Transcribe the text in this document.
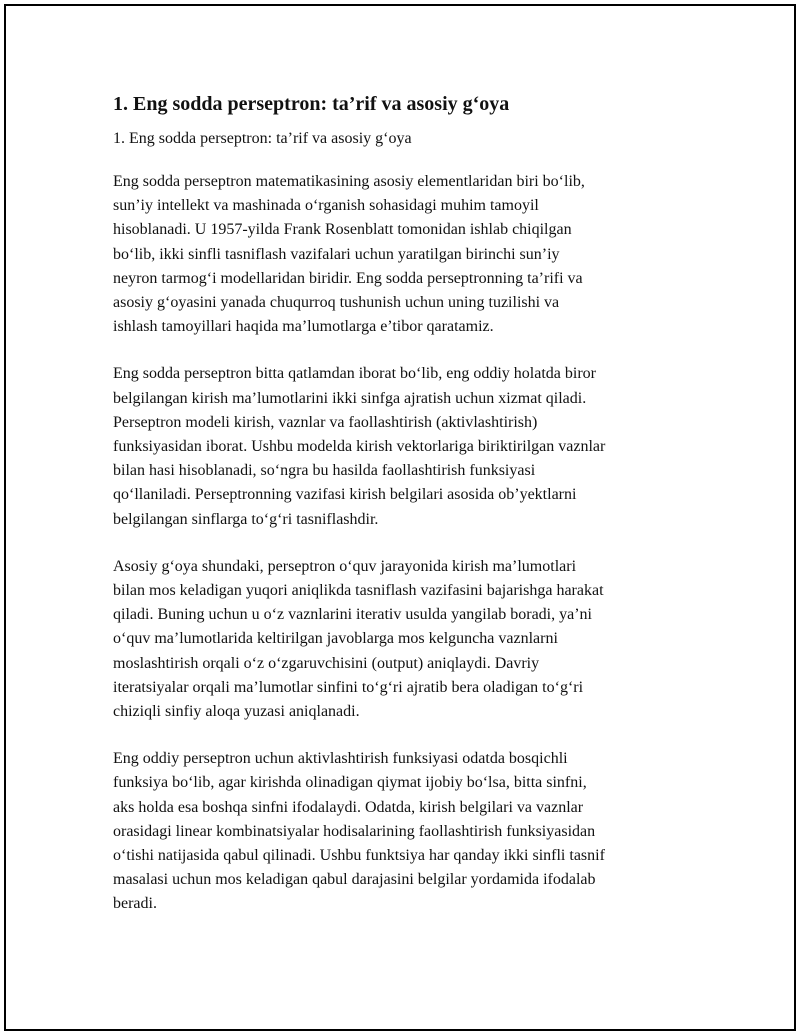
1. Eng sodda perseptron: ta’rif va asosiy g‘oya

1. Eng sodda perseptron: ta’rif va asosiy g‘oya

Eng sodda perseptron matematikasining asosiy elementlaridan biri bo‘lib,
sun’iy intellekt va mashinada o‘rganish sohasidagi muhim tamoyil
hisoblanadi. U 1957-yilda Frank Rosenblatt tomonidan ishlab chiqilgan
bo‘lib, ikki sinfli tasniflash vazifalari uchun yaratilgan birinchi sun’iy
neyron tarmog‘i modellaridan biridir. Eng sodda perseptronning ta’rifi va
asosiy g‘oyasini yanada chuqurroq tushunish uchun uning tuzilishi va
ishlash tamoyillari haqida ma’lumotlarga e’tibor qaratamiz.

Eng sodda perseptron bitta qatlamdan iborat bo‘lib, eng oddiy holatda biror
belgilangan kirish ma’lumotlarini ikki sinfga ajratish uchun xizmat qiladi.
Perseptron modeli kirish, vaznlar va faollashtirish (aktivlashtirish)
funksiyasidan iborat. Ushbu modelda kirish vektorlariga biriktirilgan vaznlar
bilan hasi hisoblanadi, so‘ngra bu hasilda faollashtirish funksiyasi
qo‘llaniladi. Perseptronning vazifasi kirish belgilari asosida ob’yektlarni
belgilangan sinflarga to‘g‘ri tasniflashdir.

Asosiy g‘oya shundaki, perseptron o‘quv jarayonida kirish ma’lumotlari
bilan mos keladigan yuqori aniqlikda tasniflash vazifasini bajarishga harakat
qiladi. Buning uchun u o‘z vaznlarini iterativ usulda yangilab boradi, ya’ni
o‘quv ma’lumotlarida keltirilgan javoblarga mos kelguncha vaznlarni
moslashtirish orqali o‘z o‘zgaruvchisini (output) aniqlaydi. Davriy
iteratsiyalar orqali ma’lumotlar sinfini to‘g‘ri ajratib bera oladigan to‘g‘ri
chiziqli sinfiy aloqa yuzasi aniqlanadi.

Eng oddiy perseptron uchun aktivlashtirish funksiyasi odatda bosqichli
funksiya bo‘lib, agar kirishda olinadigan qiymat ijobiy bo‘lsa, bitta sinfni,
aks holda esa boshqa sinfni ifodalaydi. Odatda, kirish belgilari va vaznlar
orasidagi linear kombinatsiyalar hodisalarining faollashtirish funksiyasidan
o‘tishi natijasida qabul qilinadi. Ushbu funktsiya har qanday ikki sinfli tasnif
masalasi uchun mos keladigan qabul darajasini belgilar yordamida ifodalab
beradi.
